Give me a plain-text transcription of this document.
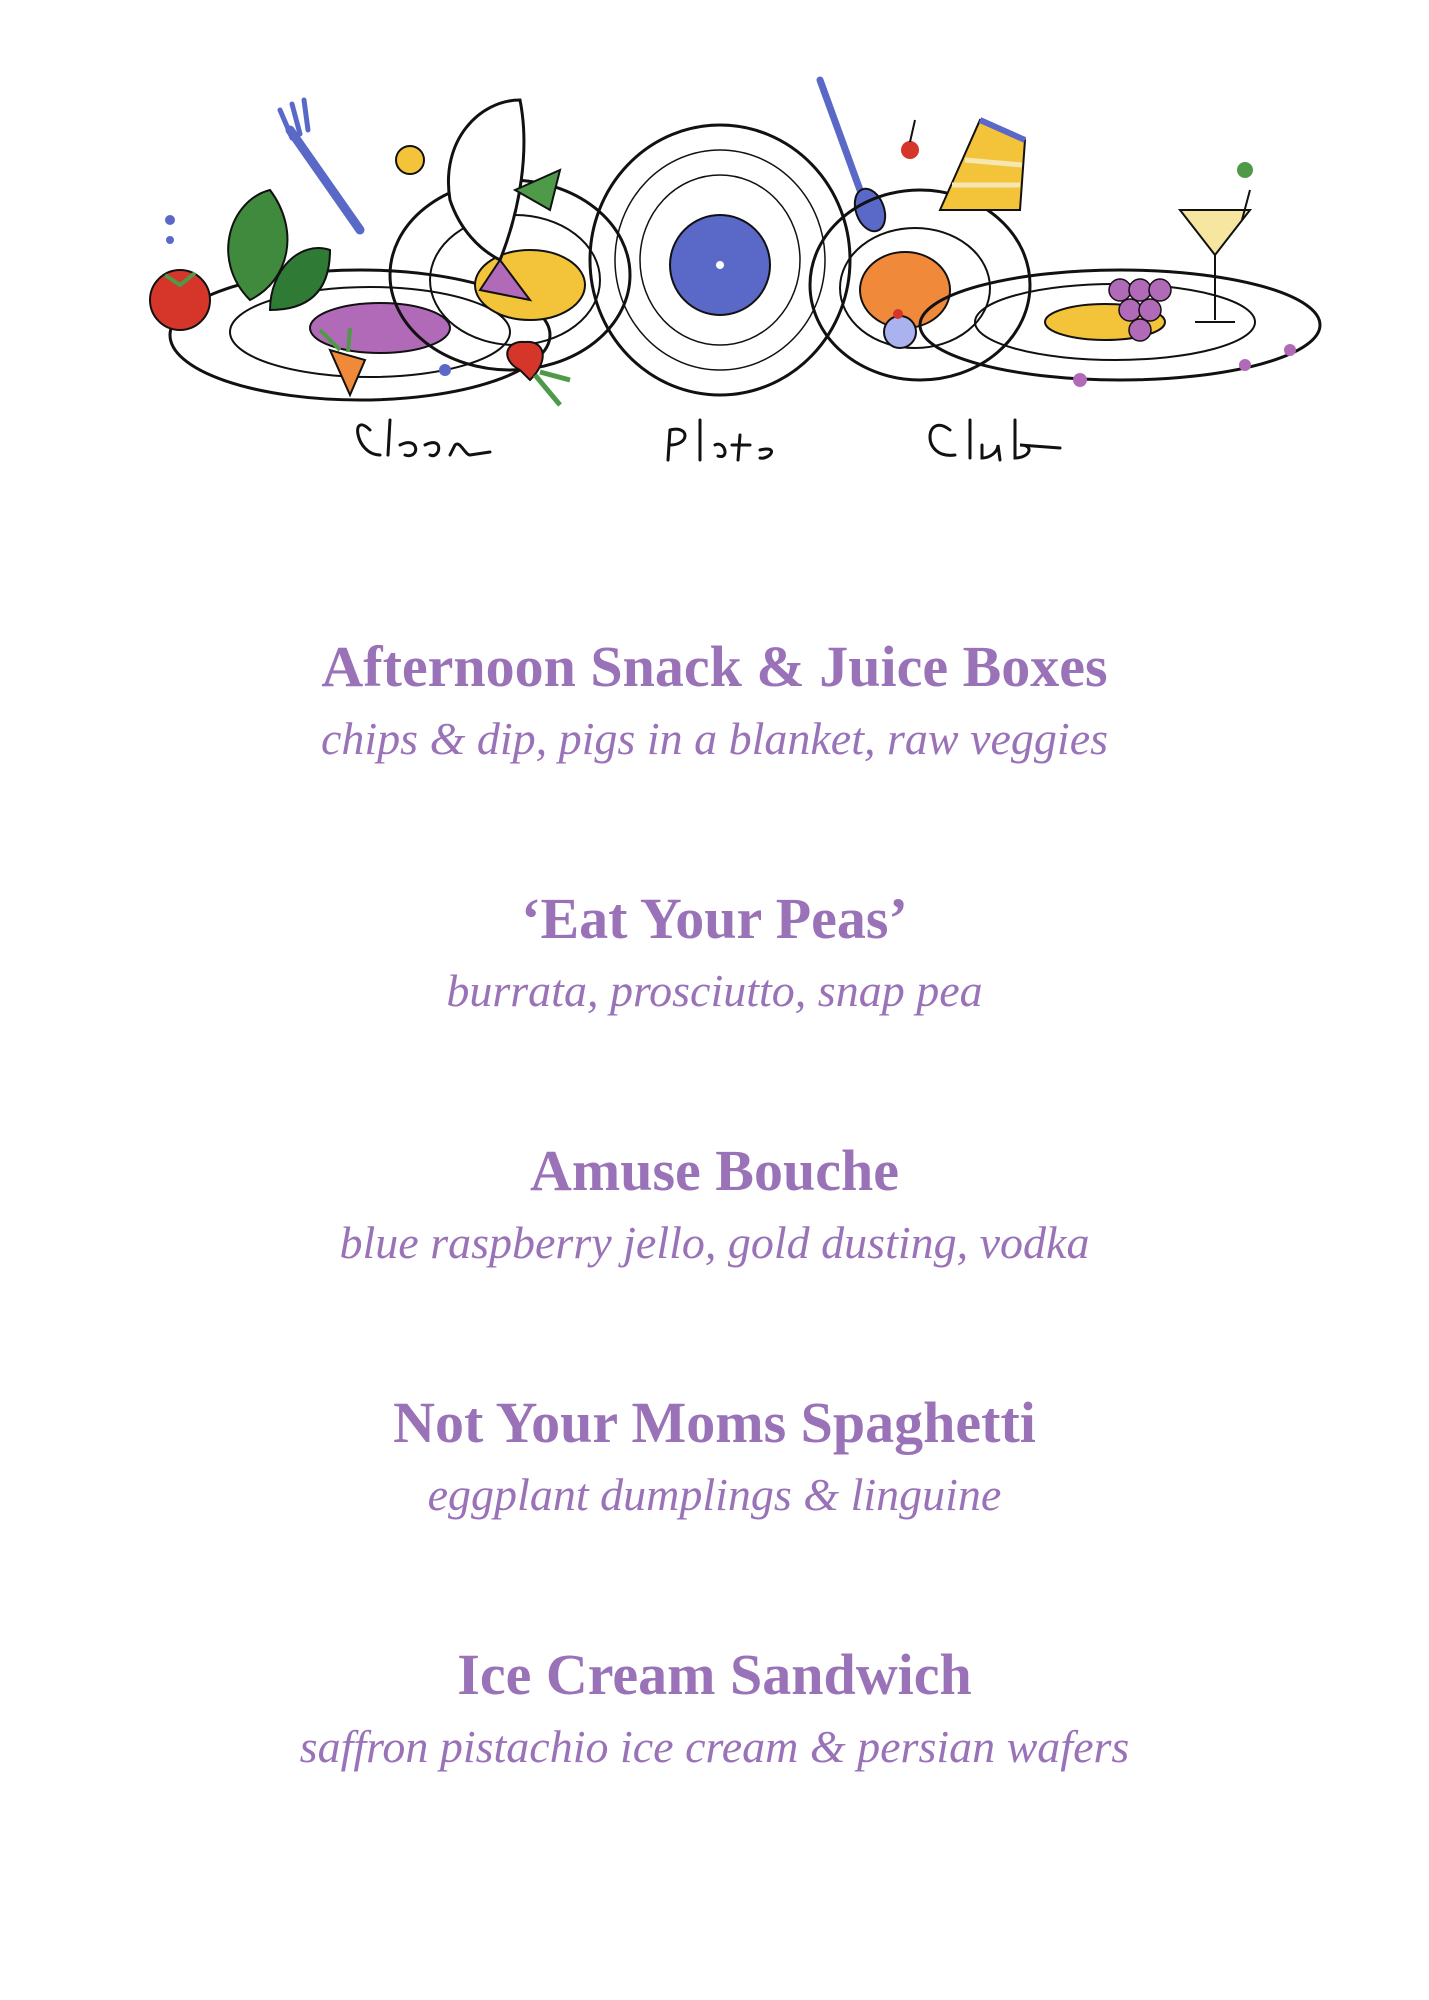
Afternoon Snack & Juice Boxes

chips & dip, pigs in a blanket, raw veggies

‘Eat Your Peas’

burrata, prosciutto, snap pea

Amuse Bouche

blue raspberry jello, gold dusting, vodka

Not Your Moms Spaghetti

eggplant dumplings & linguine

Ice Cream Sandwich

saffron pistachio ice cream & persian wafers
